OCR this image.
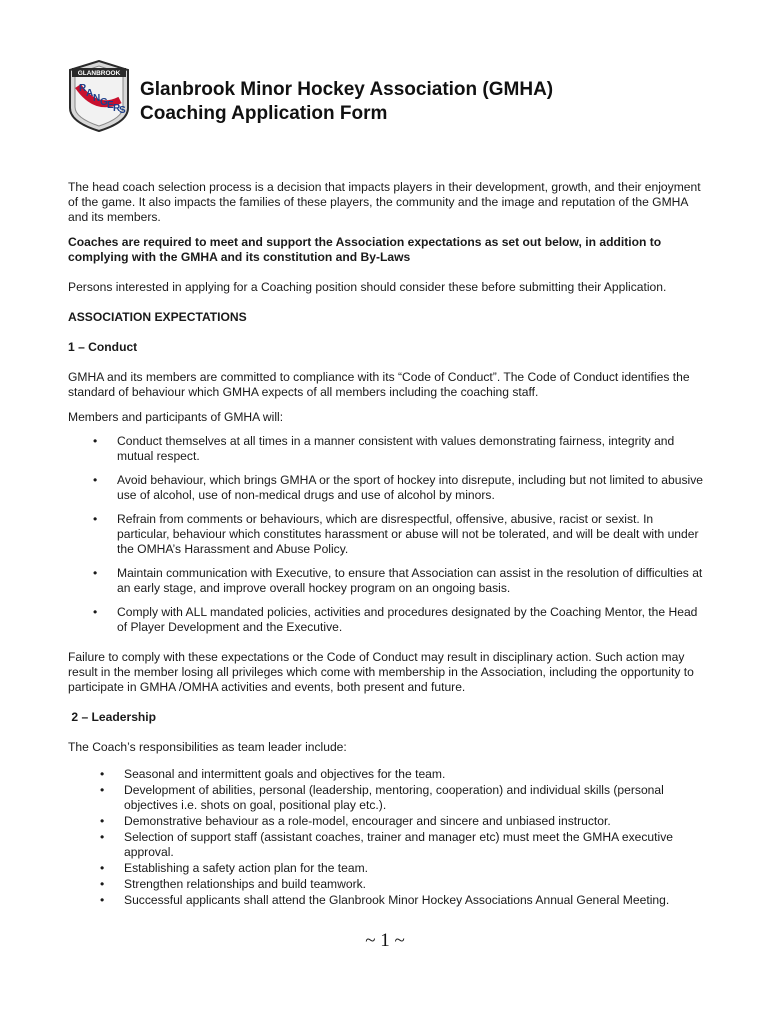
GLANBROOK
R A N G E R
S
Glanbrook Minor Hockey Association (GMHA)
Coaching Application Form

The head coach selection process is a decision that impacts players in their development, growth, and their enjoyment of the game. It also impacts the families of these players, the community and the image and reputation of the GMHA and its members.

Coaches are required to meet and support the Association expectations as set out below, in addition to complying with the GMHA and its constitution and By-Laws

Persons interested in applying for a Coaching position should consider these before submitting their Application.

ASSOCIATION EXPECTATIONS

1 – Conduct

GMHA and its members are committed to compliance with its “Code of Conduct”. The Code of Conduct identifies the standard of behaviour which GMHA expects of all members including the coaching staff.

Members and participants of GMHA will:

• Conduct themselves at all times in a manner consistent with values demonstrating fairness, integrity and mutual respect.
• Avoid behaviour, which brings GMHA or the sport of hockey into disrepute, including but not limited to abusive use of alcohol, use of non-medical drugs and use of alcohol by minors.
• Refrain from comments or behaviours, which are disrespectful, offensive, abusive, racist or sexist. In particular, behaviour which constitutes harassment or abuse will not be tolerated, and will be dealt with under the OMHA’s Harassment and Abuse Policy.
• Maintain communication with Executive, to ensure that Association can assist in the resolution of difficulties at an early stage, and improve overall hockey program on an ongoing basis.
• Comply with ALL mandated policies, activities and procedures designated by the Coaching Mentor, the Head of Player Development and the Executive.

Failure to comply with these expectations or the Code of Conduct may result in disciplinary action. Such action may result in the member losing all privileges which come with membership in the Association, including the opportunity to participate in GMHA /OMHA activities and events, both present and future.

2 – Leadership

The Coach’s responsibilities as team leader include:

• Seasonal and intermittent goals and objectives for the team.
• Development of abilities, personal (leadership, mentoring, cooperation) and individual skills (personal objectives i.e. shots on goal, positional play etc.).
• Demonstrative behaviour as a role-model, encourager and sincere and unbiased instructor.
• Selection of support staff (assistant coaches, trainer and manager etc) must meet the GMHA executive approval.
• Establishing a safety action plan for the team.
• Strengthen relationships and build teamwork.
• Successful applicants shall attend the Glanbrook Minor Hockey Associations Annual General Meeting.
~ 1 ~
